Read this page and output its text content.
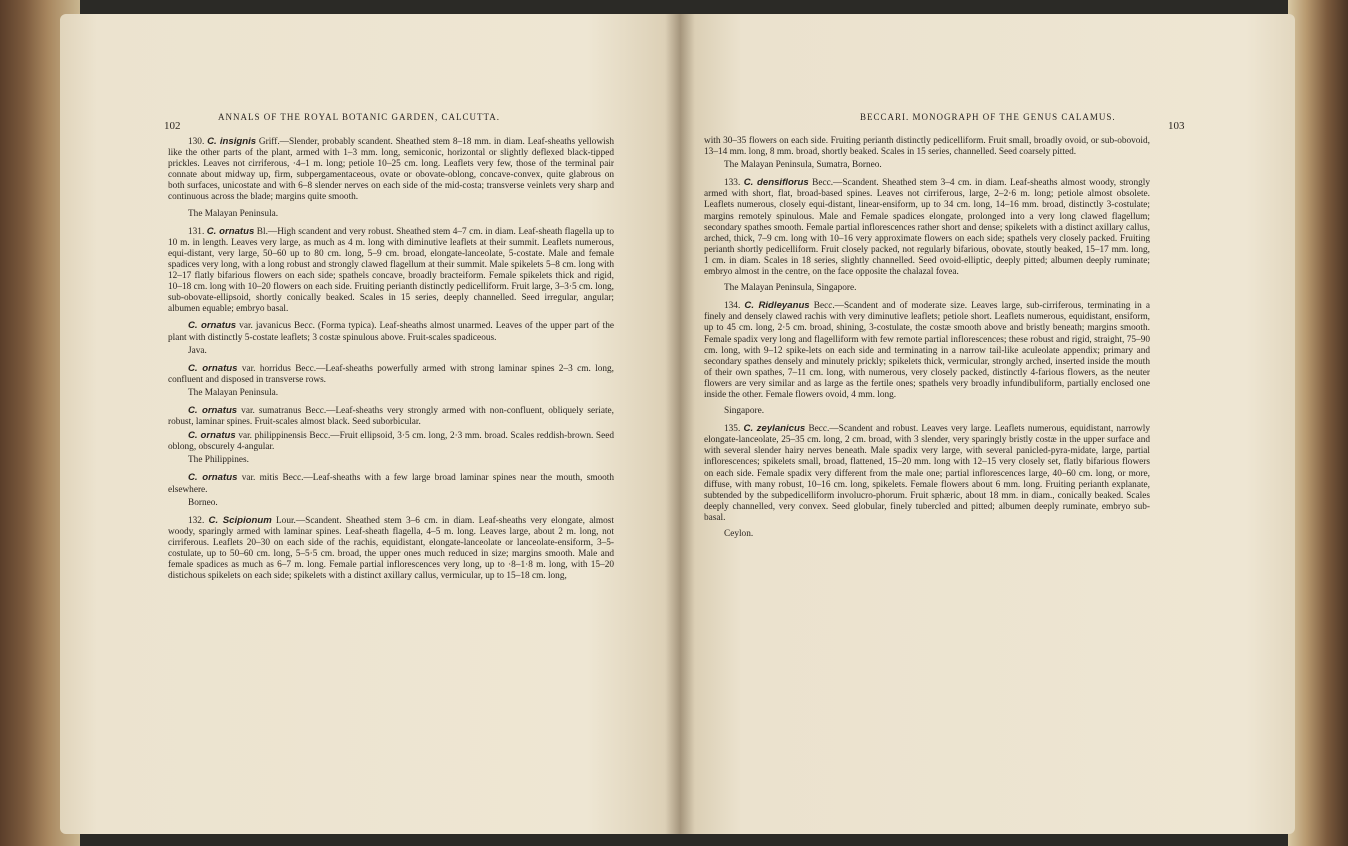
102
ANNALS OF THE ROYAL BOTANIC GARDEN, CALCUTTA.

130. C. insignis Griff.—Slender, probably scandent. Sheathed stem 8–18 mm. in diam. Leaf-sheaths yellowish like the other parts of the plant, armed with 1–3 mm. long, semiconic, horizontal or slightly deflexed black-tipped prickles. Leaves not cirriferous, ·4–1 m. long; petiole 10–25 cm. long. Leaflets very few, those of the terminal pair connate about midway up, firm, subpergamentaceous, ovate or obovate-oblong, concave-convex, quite glabrous on both surfaces, unicostate and with 6–8 slender nerves on each side of the mid-costa; transverse veinlets very sharp and continuous across the blade; margins quite smooth.

The Malayan Peninsula.

131. C. ornatus Bl.—High scandent and very robust. Sheathed stem 4–7 cm. in diam. Leaf-sheath flagella up to 10 m. in length. Leaves very large, as much as 4 m. long with diminutive leaflets at their summit. Leaflets numerous, equi-distant, very large, 50–60 up to 80 cm. long, 5–9 cm. broad, elongate-lanceolate, 5-costate. Male and female spadices very long, with a long robust and strongly clawed flagellum at their summit. Male spikelets 5–8 cm. long with 12–17 flatly bifarious flowers on each side; spathels concave, broadly bracteiform. Female spikelets thick and rigid, 10–18 cm. long with 10–20 flowers on each side. Fruiting perianth distinctly pedicelliform. Fruit large, 3–3·5 cm. long, sub-obovate-ellipsoid, shortly conically beaked. Scales in 15 series, deeply channelled. Seed irregular, angular; albumen equable; embryo basal.

C. ornatus var. javanicus Becc. (Forma typica). Leaf-sheaths almost unarmed. Leaves of the upper part of the plant with distinctly 5-costate leaflets; 3 costæ spinulous above. Fruit-scales spadiceous.

Java.

C. ornatus var. horridus Becc.—Leaf-sheaths powerfully armed with strong laminar spines 2–3 cm. long, confluent and disposed in transverse rows.

The Malayan Peninsula.

C. ornatus var. sumatranus Becc.—Leaf-sheaths very strongly armed with non-confluent, obliquely seriate, robust, laminar spines. Fruit-scales almost black. Seed suborbicular.

C. ornatus var. philippinensis Becc.—Fruit ellipsoid, 3·5 cm. long, 2·3 mm. broad. Scales reddish-brown. Seed oblong, obscurely 4-angular.

The Philippines.

C. ornatus var. mitis Becc.—Leaf-sheaths with a few large broad laminar spines near the mouth, smooth elsewhere.

Borneo.

132. C. Scipionum Lour.—Scandent. Sheathed stem 3–6 cm. in diam. Leaf-sheaths very elongate, almost woody, sparingly armed with laminar spines. Leaf-sheath flagella, 4–5 m. long. Leaves large, about 2 m. long, not cirriferous. Leaflets 20–30 on each side of the rachis, equidistant, elongate-lanceolate or lanceolate-ensiform, 3–5-costulate, up to 50–60 cm. long, 5–5·5 cm. broad, the upper ones much reduced in size; margins smooth. Male and female spadices as much as 6–7 m. long. Female partial inflorescences very long, up to ·8–1·8 m. long, with 15–20 distichous spikelets on each side; spikelets with a distinct axillary callus, vermicular, up to 15–18 cm. long,

BECCARI. MONOGRAPH OF THE GENUS CALAMUS.
103

with 30–35 flowers on each side. Fruiting perianth distinctly pedicelliform. Fruit small, broadly ovoid, or sub-obovoid, 13–14 mm. long, 8 mm. broad, shortly beaked. Scales in 15 series, channelled. Seed coarsely pitted.

The Malayan Peninsula, Sumatra, Borneo.

133. C. densiflorus Becc.—Scandent. Sheathed stem 3–4 cm. in diam. Leaf-sheaths almost woody, strongly armed with short, flat, broad-based spines. Leaves not cirriferous, large, 2–2·6 m. long; petiole almost obsolete. Leaflets numerous, closely equi-distant, linear-ensiform, up to 34 cm. long, 14–16 mm. broad, distinctly 3-costulate; margins remotely spinulous. Male and Female spadices elongate, prolonged into a very long clawed flagellum; secondary spathes smooth. Female partial inflorescences rather short and dense; spikelets with a distinct axillary callus, arched, thick, 7–9 cm. long with 10–16 very approximate flowers on each side; spathels very closely packed. Fruiting perianth shortly pedicelliform. Fruit closely packed, not regularly bifarious, obovate, stoutly beaked, 15–17 mm. long, 1 cm. in diam. Scales in 18 series, slightly channelled. Seed ovoid-elliptic, deeply pitted; albumen deeply ruminate; embryo almost in the centre, on the face opposite the chalazal foveа.

The Malayan Peninsula, Singapore.

134. C. Ridleyanus Becc.—Scandent and of moderate size. Leaves large, sub-cirriferous, terminating in a finely and densely clawed rachis with very diminutive leaflets; petiole short. Leaflets numerous, equidistant, ensiform, up to 45 cm. long, 2·5 cm. broad, shining, 3-costulate, the costæ smooth above and bristly beneath; margins smooth. Female spadix very long and flagelliform with few remote partial inflorescences; these robust and rigid, straight, 75–90 cm. long, with 9–12 spike-lets on each side and terminating in a narrow tail-like aculeolate appendix; primary and secondary spathes densely and minutely prickly; spikelets thick, vermicular, strongly arched, inserted inside the mouth of their own spathes, 7–11 cm. long, with numerous, very closely packed, distinctly 4-farious flowers, as the neuter flowers are very similar and as large as the fertile ones; spathels very broadly infundibuliform, partially enclosed one inside the other. Female flowers ovoid, 4 mm. long.

Singapore.

135. C. zeylanicus Becc.—Scandent and robust. Leaves very large. Leaflets numerous, equidistant, narrowly elongate-lanceolate, 25–35 cm. long, 2 cm. broad, with 3 slender, very sparingly bristly costæ in the upper surface and with several slender hairy nerves beneath. Male spadix very large, with several panicled-pyra-midate, large, partial inflorescences; spikelets small, broad, flattened, 15–20 mm. long with 12–15 very closely set, flatly bifarious flowers on each side. Female spadix very different from the male one; partial inflorescences large, 40–60 cm. long, or more, diffuse, with many robust, 10–16 cm. long, spikelets. Female flowers about 6 mm. long. Fruiting perianth explanate, subtended by the subpedicelliform involucro-phorum. Fruit sphæric, about 18 mm. in diam., conically beaked. Scales deeply channelled, very convex. Seed globular, finely tubercled and pitted; albumen deeply ruminate, embryo sub-basal.

Ceylon.
